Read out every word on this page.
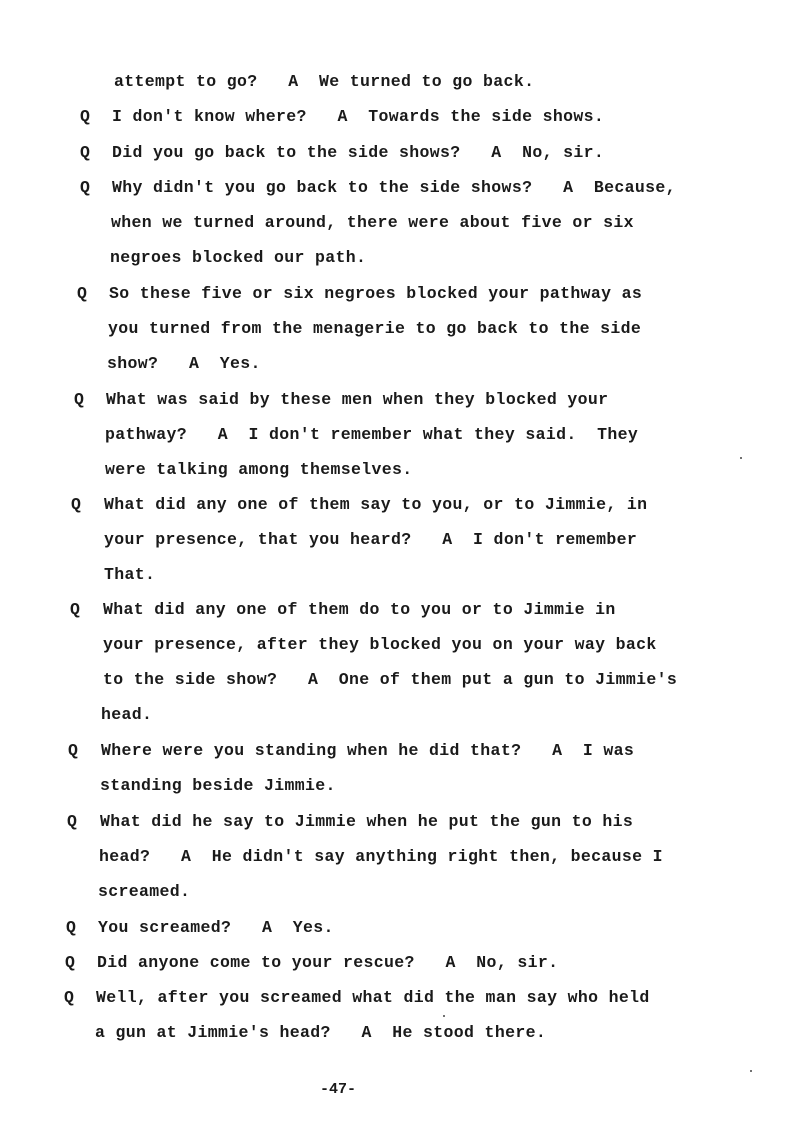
attempt to go?   A  We turned to go back.
Q I don't know where?   A  Towards the side shows.
Q Did you go back to the side shows?   A  No, sir.
Q Why didn't you go back to the side shows?   A  Because,
when we turned around, there were about five or six
negroes blocked our path.
Q So these five or six negroes blocked your pathway as
you turned from the menagerie to go back to the side
show?   A  Yes.
Q What was said by these men when they blocked your
pathway?   A  I don't remember what they said.  They
were talking among themselves.
Q What did any one of them say to you, or to Jimmie, in
your presence, that you heard?   A  I don't remember
That.
Q What did any one of them do to you or to Jimmie in
your presence, after they blocked you on your way back
to the side show?   A  One of them put a gun to Jimmie's
head.
Q Where were you standing when he did that?   A  I was
standing beside Jimmie.
Q What did he say to Jimmie when he put the gun to his
head?   A  He didn't say anything right then, because I
screamed.
Q You screamed?   A  Yes.
Q Did anyone come to your rescue?   A  No, sir.
Q Well, after you screamed what did the man say who held
a gun at Jimmie's head?   A  He stood there.
-47-
